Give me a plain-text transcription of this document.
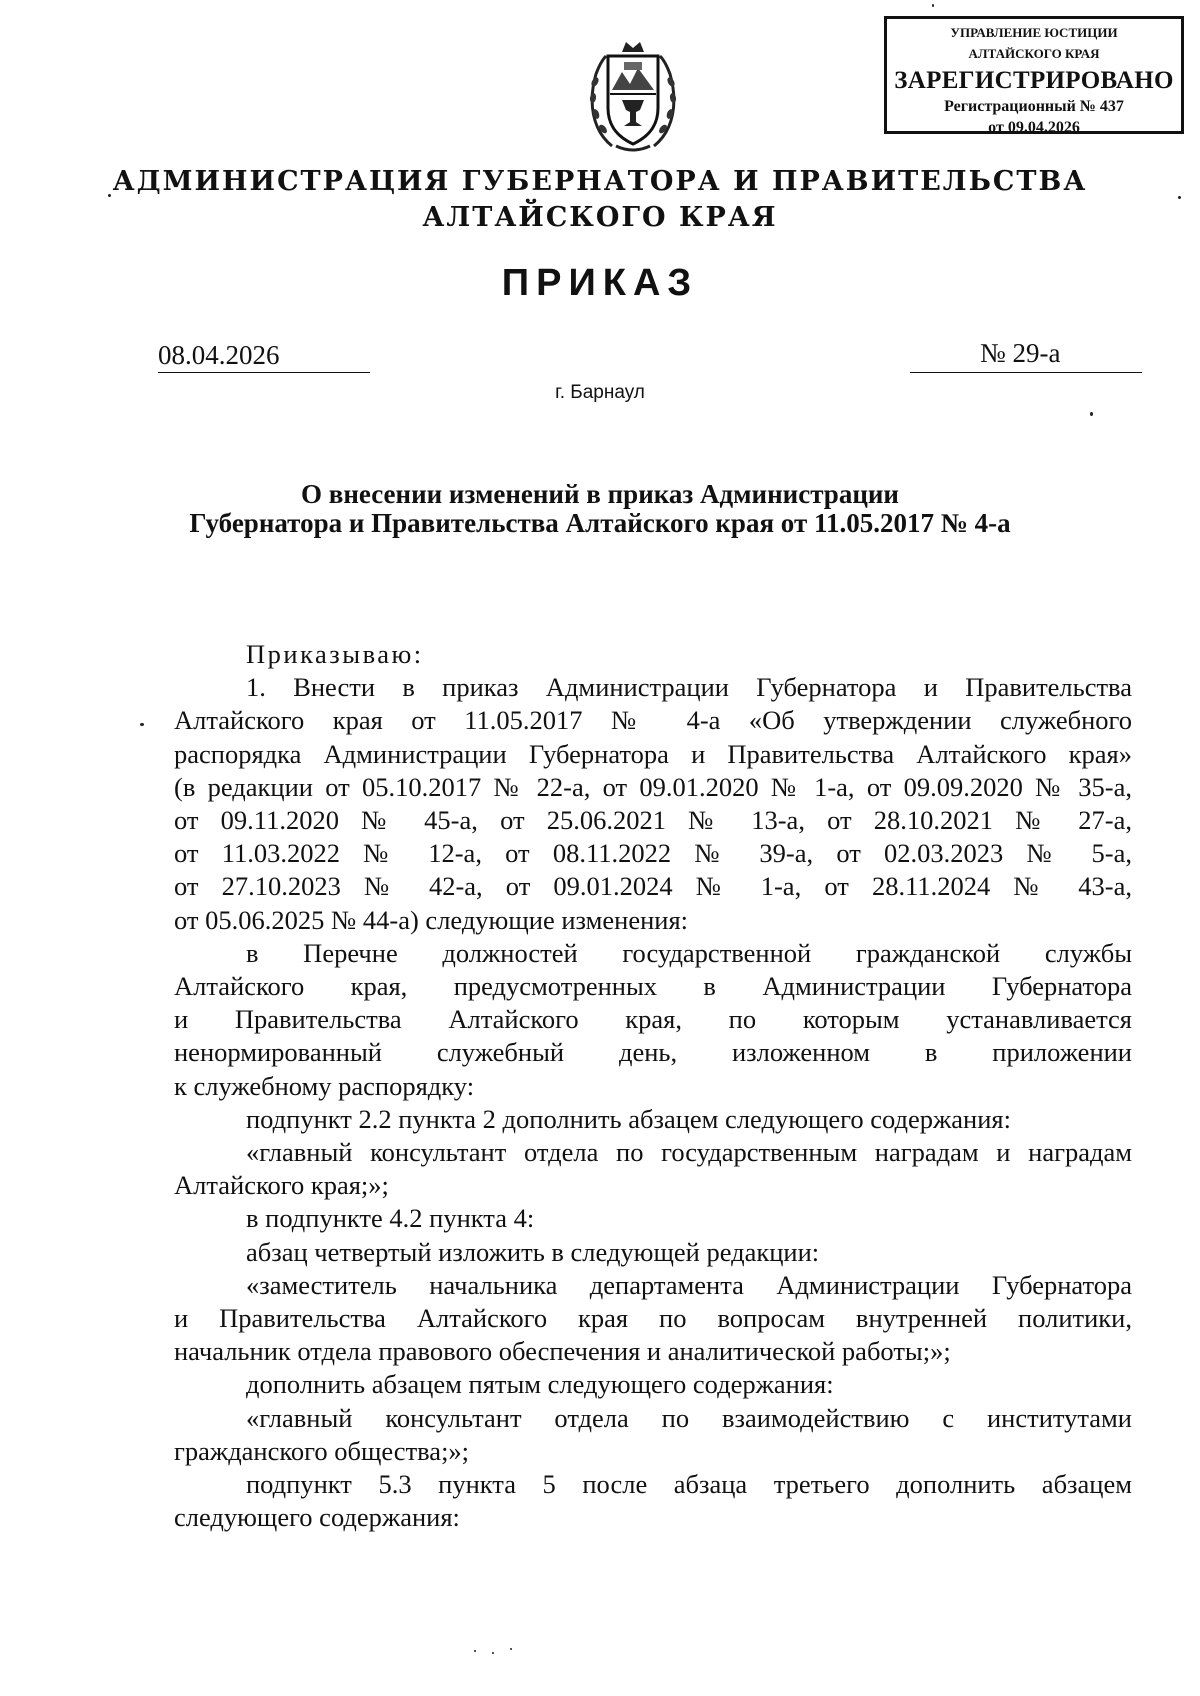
УПРАВЛЕНИЕ ЮСТИЦИИ
АЛТАЙСКОГО КРАЯ
ЗАРЕГИСТРИРОВАНО
Регистрационный № 437
от 09.04.2026
АДМИНИСТРАЦИЯ ГУБЕРНАТОРА И ПРАВИТЕЛЬСТВА
АЛТАЙСКОГО КРАЯ
ПРИКАЗ
08.04.2026	№ 29-а
г. Барнаул
О внесении изменений в приказ Администрации
Губернатора и Правительства Алтайского края от 11.05.2017 № 4-а

Приказываю:

1. Внести в приказ Администрации Губернатора и Правительства

Алтайского края от 11.05.2017 № 4-а «Об утверждении служебного

распорядка Администрации Губернатора и Правительства Алтайского края»

(в редакции от 05.10.2017 № 22-а, от 09.01.2020 № 1-а, от 09.09.2020 № 35-а,

от 09.11.2020 № 45-а, от 25.06.2021 № 13-а, от 28.10.2021 № 27-а,

от 11.03.2022 № 12-а, от 08.11.2022 № 39-а, от 02.03.2023 № 5-а,

от 27.10.2023 № 42-а, от 09.01.2024 № 1-а, от 28.11.2024 № 43-а,

от 05.06.2025 № 44-а) следующие изменения:

в Перечне должностей государственной гражданской службы

Алтайского края, предусмотренных в Администрации Губернатора

и Правительства Алтайского края, по которым устанавливается

ненормированный служебный день, изложенном в приложении

к служебному распорядку:

подпункт 2.2 пункта 2 дополнить абзацем следующего содержания:

«главный консультант отдела по государственным наградам и наградам

Алтайского края;»;

в подпункте 4.2 пункта 4:

абзац четвертый изложить в следующей редакции:

«заместитель начальника департамента Администрации Губернатора

и Правительства Алтайского края по вопросам внутренней политики,

начальник отдела правового обеспечения и аналитической работы;»;

дополнить абзацем пятым следующего содержания:

«главный консультант отдела по взаимодействию с институтами

гражданского общества;»;

подпункт 5.3 пункта 5 после абзаца третьего дополнить абзацем

следующего содержания:
